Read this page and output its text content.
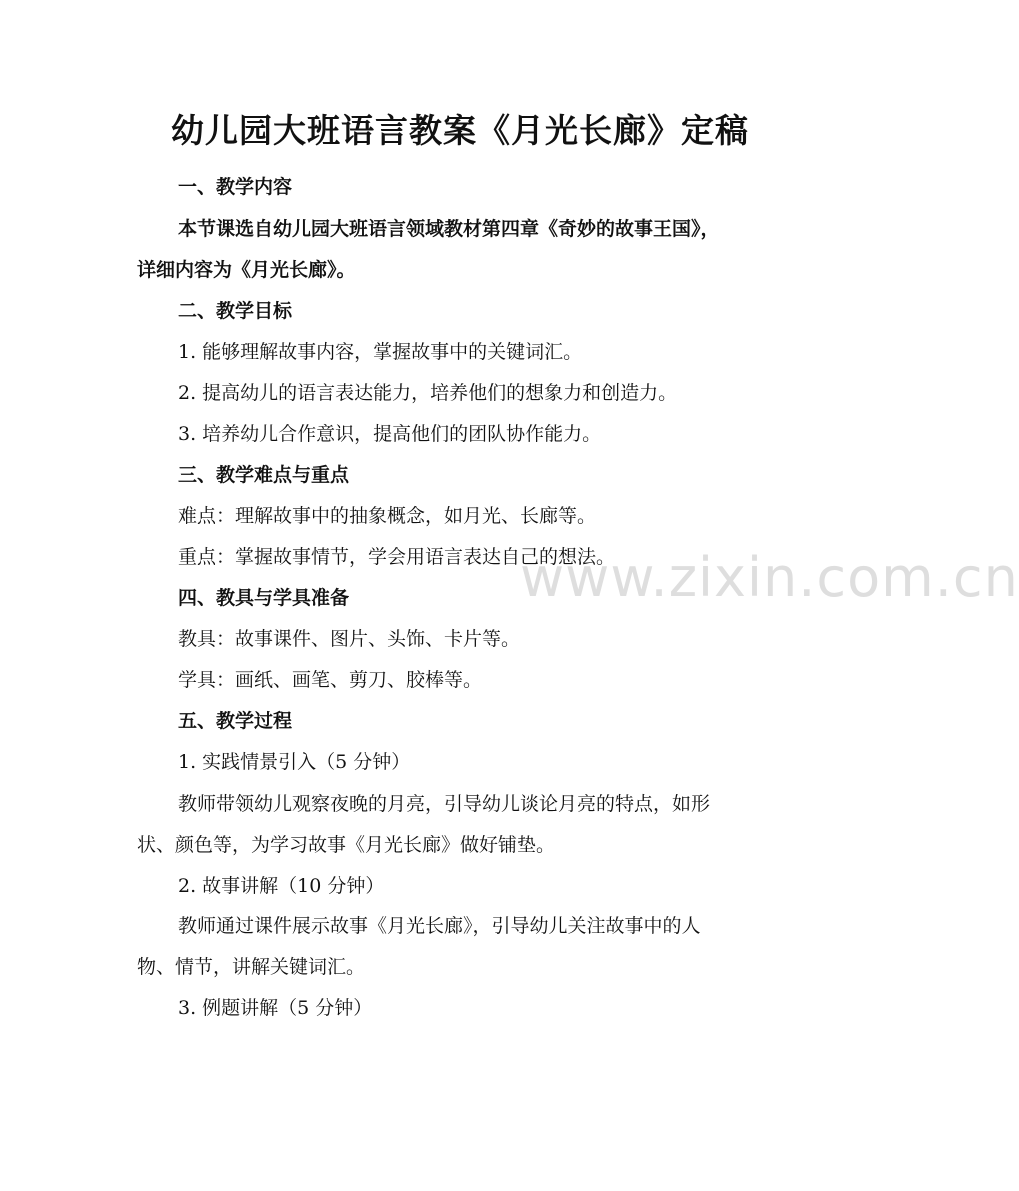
www.zixin.com.cn
幼儿园大班语言教案《月光长廊》定稿
一、教学内容
本节课选自幼儿园大班语言领域教材第四章《奇妙的故事王国》，
详细内容为《月光长廊》。
二、教学目标
1. 能够理解故事内容，掌握故事中的关键词汇。
2. 提高幼儿的语言表达能力，培养他们的想象力和创造力。
3. 培养幼儿合作意识，提高他们的团队协作能力。
三、教学难点与重点
难点：理解故事中的抽象概念，如月光、长廊等。
重点：掌握故事情节，学会用语言表达自己的想法。
四、教具与学具准备
教具：故事课件、图片、头饰、卡片等。
学具：画纸、画笔、剪刀、胶棒等。
五、教学过程
1. 实践情景引入（5 分钟）
教师带领幼儿观察夜晚的月亮，引导幼儿谈论月亮的特点，如形
状、颜色等，为学习故事《月光长廊》做好铺垫。
2. 故事讲解（10 分钟）
教师通过课件展示故事《月光长廊》，引导幼儿关注故事中的人
物、情节，讲解关键词汇。
3. 例题讲解（5 分钟）
